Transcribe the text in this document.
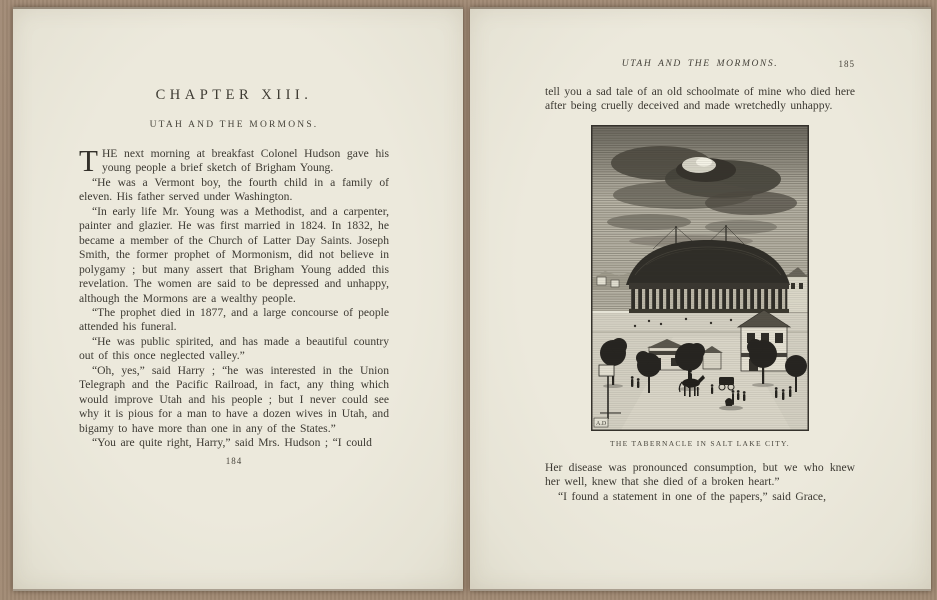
CHAPTER XIII.
UTAH AND THE MORMONS.

THE next morning at breakfast Colonel Hudson gave his young people a brief sketch of Brigham Young.

“He was a Vermont boy, the fourth child in a family of eleven. His father served under Washington.

“In early life Mr. Young was a Methodist, and a carpenter, painter and glazier. He was first married in 1824. In 1832, he became a member of the Church of Latter Day Saints. Joseph Smith, the former prophet of Mormonism, did not believe in polygamy ; but many assert that Brigham Young added this revelation. The women are said to be depressed and unhappy, although the Mormons are a wealthy people.

“The prophet died in 1877, and a large concourse of people attended his funeral.

“He was public spirited, and has made a beautiful country out of this once neglected valley.”

“Oh, yes,” said Harry ; “he was interested in the Union Telegraph and the Pacific Railroad, in fact, any thing which would improve Utah and his people ; but I never could see why it is pious for a man to have a dozen wives in Utah, and bigamy to have more than one in any of the States.”

“You are quite right, Harry,” said Mrs. Hudson ; “I could

184
UTAH AND THE MORMONS.	185

tell you a sad tale of an old schoolmate of mine who died here after being cruelly deceived and made wretchedly unhappy.

THE TABERNACLE IN SALT LAKE CITY.

Her disease was pronounced consumption, but we who knew her well, knew that she died of a broken heart.”

“I found a statement in one of the papers,” said Grace,
